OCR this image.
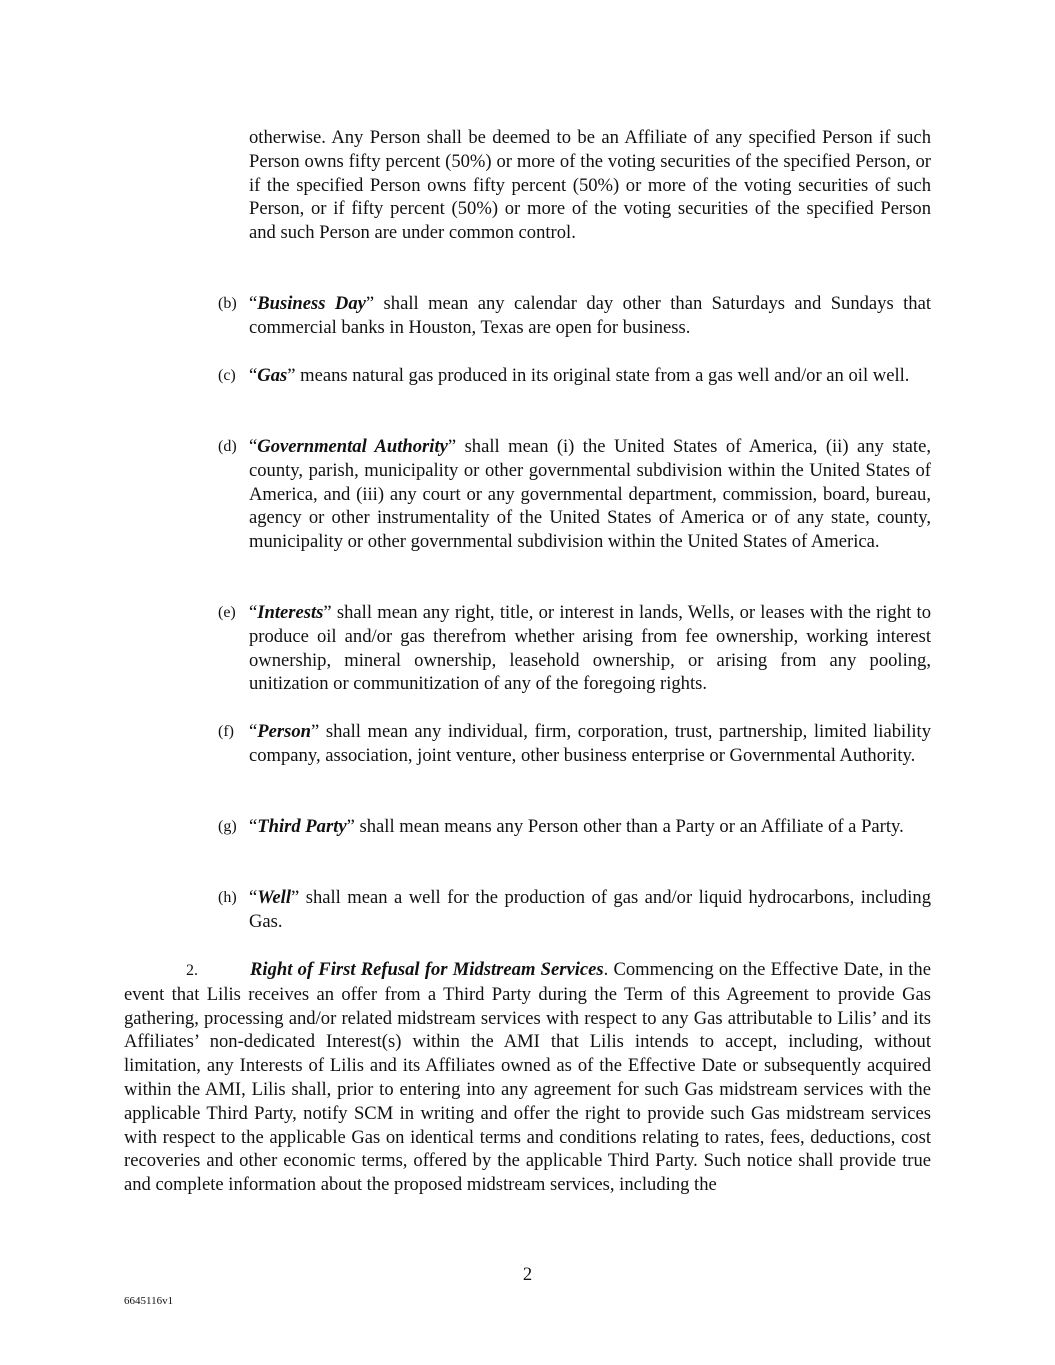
otherwise. Any Person shall be deemed to be an Affiliate of any specified Person if such Person owns fifty percent (50%) or more of the voting securities of the specified Person, or if the specified Person owns fifty percent (50%) or more of the voting securities of such Person, or if fifty percent (50%) or more of the voting securities of the specified Person and such Person are under common control.

(b) “Business Day” shall mean any calendar day other than Saturdays and Sundays that commercial banks in Houston, Texas are open for business.
(c) “Gas” means natural gas produced in its original state from a gas well and/or an oil well.
(d) “Governmental Authority” shall mean (i) the United States of America, (ii) any state, county, parish, municipality or other governmental subdivision within the United States of America, and (iii) any court or any governmental department, commission, board, bureau, agency or other instrumentality of the United States of America or of any state, county, municipality or other governmental subdivision within the United States of America.
(e) “Interests” shall mean any right, title, or interest in lands, Wells, or leases with the right to produce oil and/or gas therefrom whether arising from fee ownership, working interest ownership, mineral ownership, leasehold ownership, or arising from any pooling, unitization or communitization of any of the foregoing rights.
(f) “Person” shall mean any individual, firm, corporation, trust, partnership, limited liability company, association, joint venture, other business enterprise or Governmental Authority.
(g) “Third Party” shall mean means any Person other than a Party or an Affiliate of a Party.
(h) “Well” shall mean a well for the production of gas and/or liquid hydrocarbons, including Gas.

2.	Right of First Refusal for Midstream Services. Commencing on the Effective Date, in the event that Lilis receives an offer from a Third Party during the Term of this Agreement to provide Gas gathering, processing and/or related midstream services with respect to any Gas attributable to Lilis’ and its Affiliates’ non-dedicated Interest(s) within the AMI that Lilis intends to accept, including, without limitation, any Interests of Lilis and its Affiliates owned as of the Effective Date or subsequently acquired within the AMI, Lilis shall, prior to entering into any agreement for such Gas midstream services with the applicable Third Party, notify SCM in writing and offer the right to provide such Gas midstream services with respect to the applicable Gas on identical terms and conditions relating to rates, fees, deductions, cost recoveries and other economic terms, offered by the applicable Third Party. Such notice shall provide true and complete information about the proposed midstream services, including the

2
6645116v1
